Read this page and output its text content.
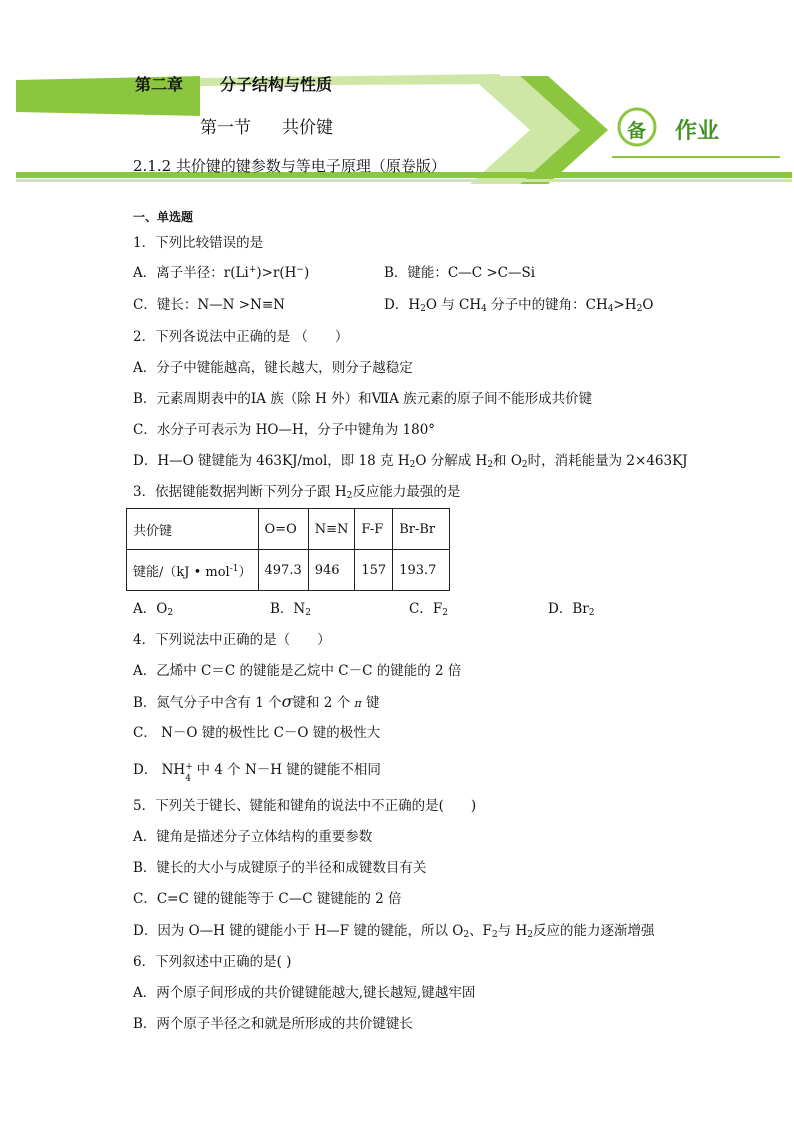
第二章 分子结构与性质
第一节 共价键
2.1.2 共价键的键参数与等电子原理（原卷版）
备 作业
一、单选题
1．下列比较错误的是
A．离子半径：r(Li+)>r(H−)	B．键能：C—C >C—Si
C．键长：N—N >N≡N	D．$H_2O$ 与 $CH_4$ 分子中的键角：$CH_4>H_2O$
2．下列各说法中正确的是 （　　）
A．分子中键能越高，键长越大，则分子越稳定
B．元素周期表中的ⅠA 族（除 H 外）和ⅦA 族元素的原子间不能形成共价键
C．水分子可表示为 HO—H，分子中键角为 180°
D．H—O 键键能为 463KJ/mol，即 18 克 $H_2O$ 分解成 $H_2$和 $O_2$时，消耗能量为 2×463KJ
3．依据键能数据判断下列分子跟 $H_2$反应能力最强的是
共价键	O=O	N≡N	F-F	Br-Br
键能/（kJ • mol$^{-1}$）	497.3	946	157	193.7
A．$O_2$	B．$N_2$	C．$F_2$	D．$Br_2$
4．下列说法中正确的是（　　）
A．乙烯中 C＝C 的键能是乙烷中 C－C 的键能的 2 倍
B．氮气分子中含有 1 个σ键和 2 个 π 键
C． N－O 键的极性比 C－O 键的极性大
D． NH +
4
中 4 个 N－H 键的键能不相同
5．下列关于键长、键能和键角的说法中不正确的是(　　)
A．键角是描述分子立体结构的重要参数
B．键长的大小与成键原子的半径和成键数目有关
C．C=C 键的键能等于 C—C 键键能的 2 倍
D．因为 O—H 键的键能小于 H—F 键的键能，所以 $O_2$、$F_2$与 $H_2$反应的能力逐渐增强
6．下列叙述中正确的是( )
A．两个原子间形成的共价键键能越大,键长越短,键越牢固
B．两个原子半径之和就是所形成的共价键键长
